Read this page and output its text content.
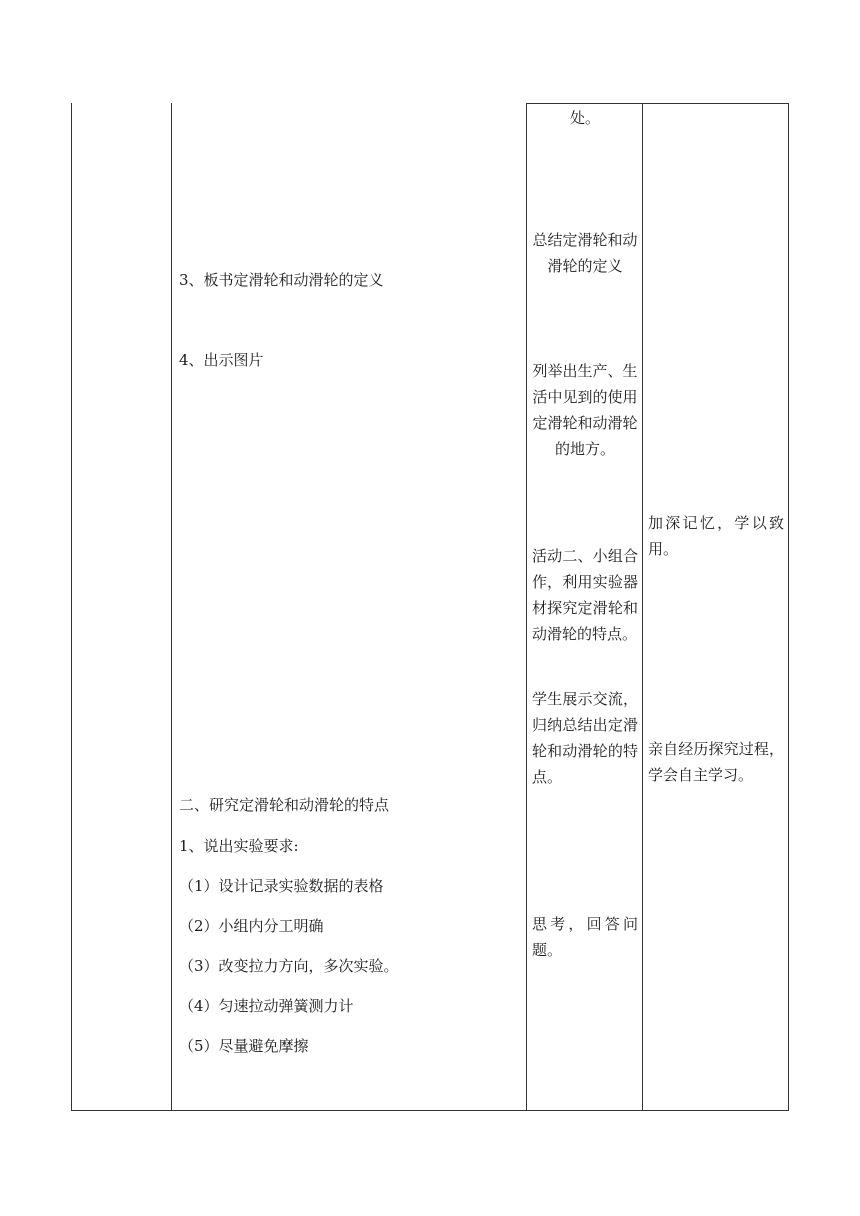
3、板书定滑轮和动滑轮的定义
4、出示图片
二、研究定滑轮和动滑轮的特点
1、说出实验要求:
（1）设计记录实验数据的表格
（2）小组内分工明确
（3）改变拉力方向，多次实验。
（4）匀速拉动弹簧测力计
（5）尽量避免摩擦
处。
总结定滑轮和动滑轮的定义
列举出生产、生活中见到的使用定滑轮和动滑轮的地方。
活动二、小组合作，利用实验器材探究定滑轮和动滑轮的特点。
学生展示交流，归纳总结出定滑轮和动滑轮的特点。
思考，回答问题。
加深记忆，学以致用。
亲自经历探究过程，学会自主学习。
